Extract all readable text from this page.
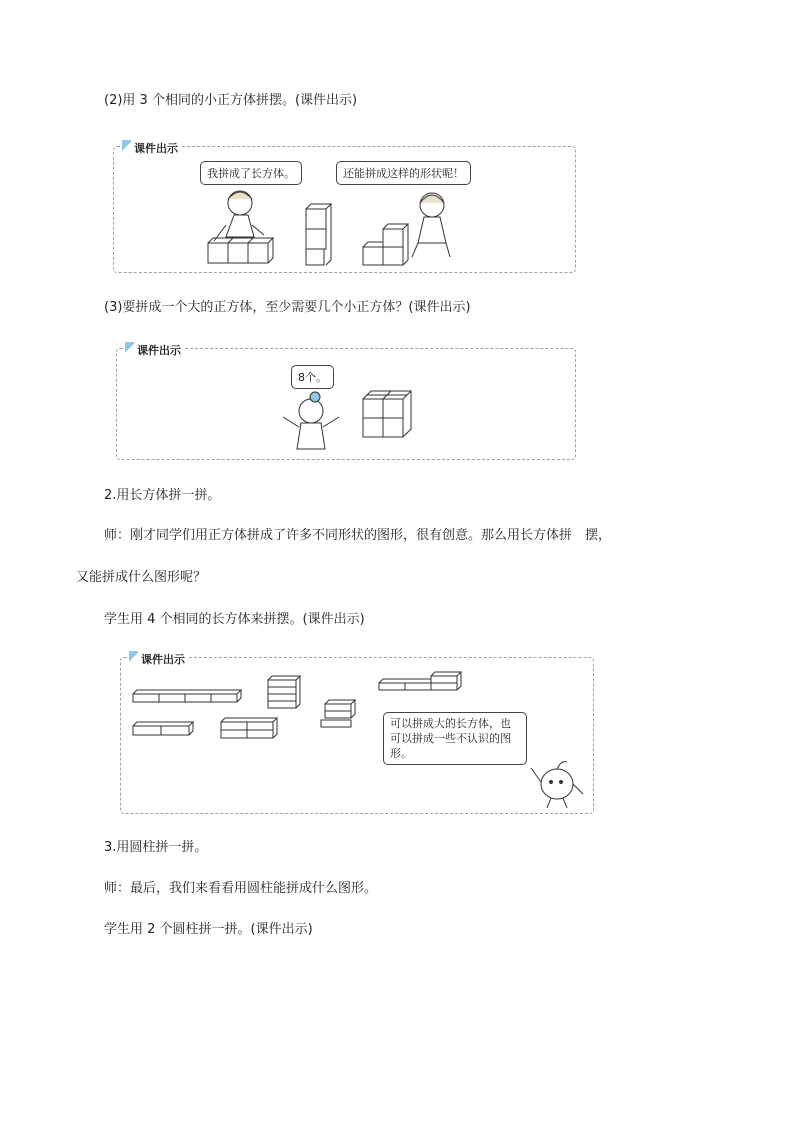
(2)用 3 个相同的小正方体拼摆。(课件出示)
课件出示
我拼成了长方体。	还能拼成这样的形状呢！
(3)要拼成一个大的正方体，至少需要几个小正方体？(课件出示)
课件出示
8个。
2.用长方体拼一拼。
师：刚才同学们用正方体拼成了许多不同形状的图形，很有创意。那么用长方体拼　摆，
又能拼成什么图形呢？
学生用 4 个相同的长方体来拼摆。(课件出示)
课件出示
可以拼成大的长方体，也可以拼成一些不认识的图形。
3.用圆柱拼一拼。
师：最后，我们来看看用圆柱能拼成什么图形。
学生用 2 个圆柱拼一拼。(课件出示)
